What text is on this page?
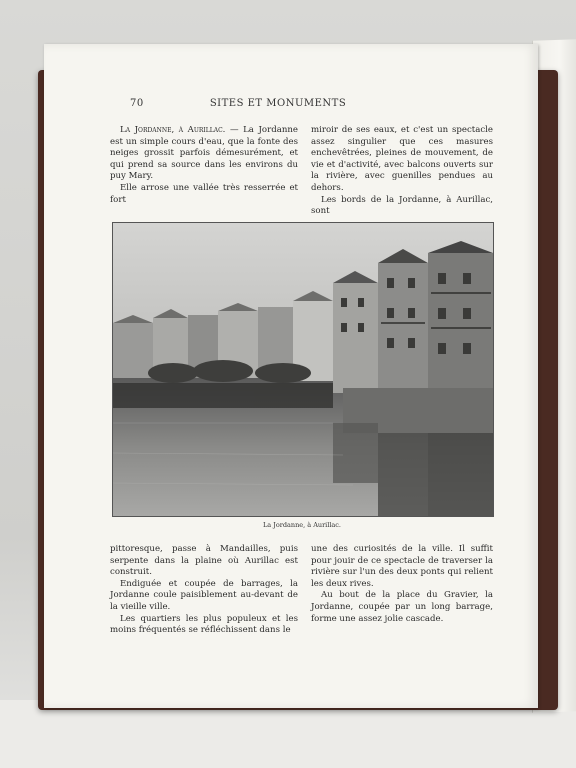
70	SITES ET MONUMENTS

La Jordanne, à Aurillac. — La Jordanne est un simple cours d'eau, que la fonte des neiges grossit parfois démesurément, et qui prend sa source dans les environs du puy Mary.

Elle arrose une vallée très resserrée et fort

miroir de ses eaux, et c'est un spectacle assez singulier que ces masures enchevêtrées, pleines de mouvement, de vie et d'activité, avec balcons ouverts sur la rivière, avec guenilles pendues au dehors.

Les bords de la Jordanne, à Aurillac, sont

La Jordanne, à Aurillac.

pittoresque, passe à Mandailles, puis serpente dans la plaine où Aurillac est construit.

Endiguée et coupée de barrages, la Jordanne coule paisiblement au-devant de la vieille ville.

Les quartiers les plus populeux et les moins fréquentés se réfléchissent dans le

une des curiosités de la ville. Il suffit pour jouir de ce spectacle de traverser la rivière sur l'un des deux ponts qui relient les deux rives.

Au bout de la place du Gravier, la Jordanne, coupée par un long barrage, forme une assez jolie cascade.
